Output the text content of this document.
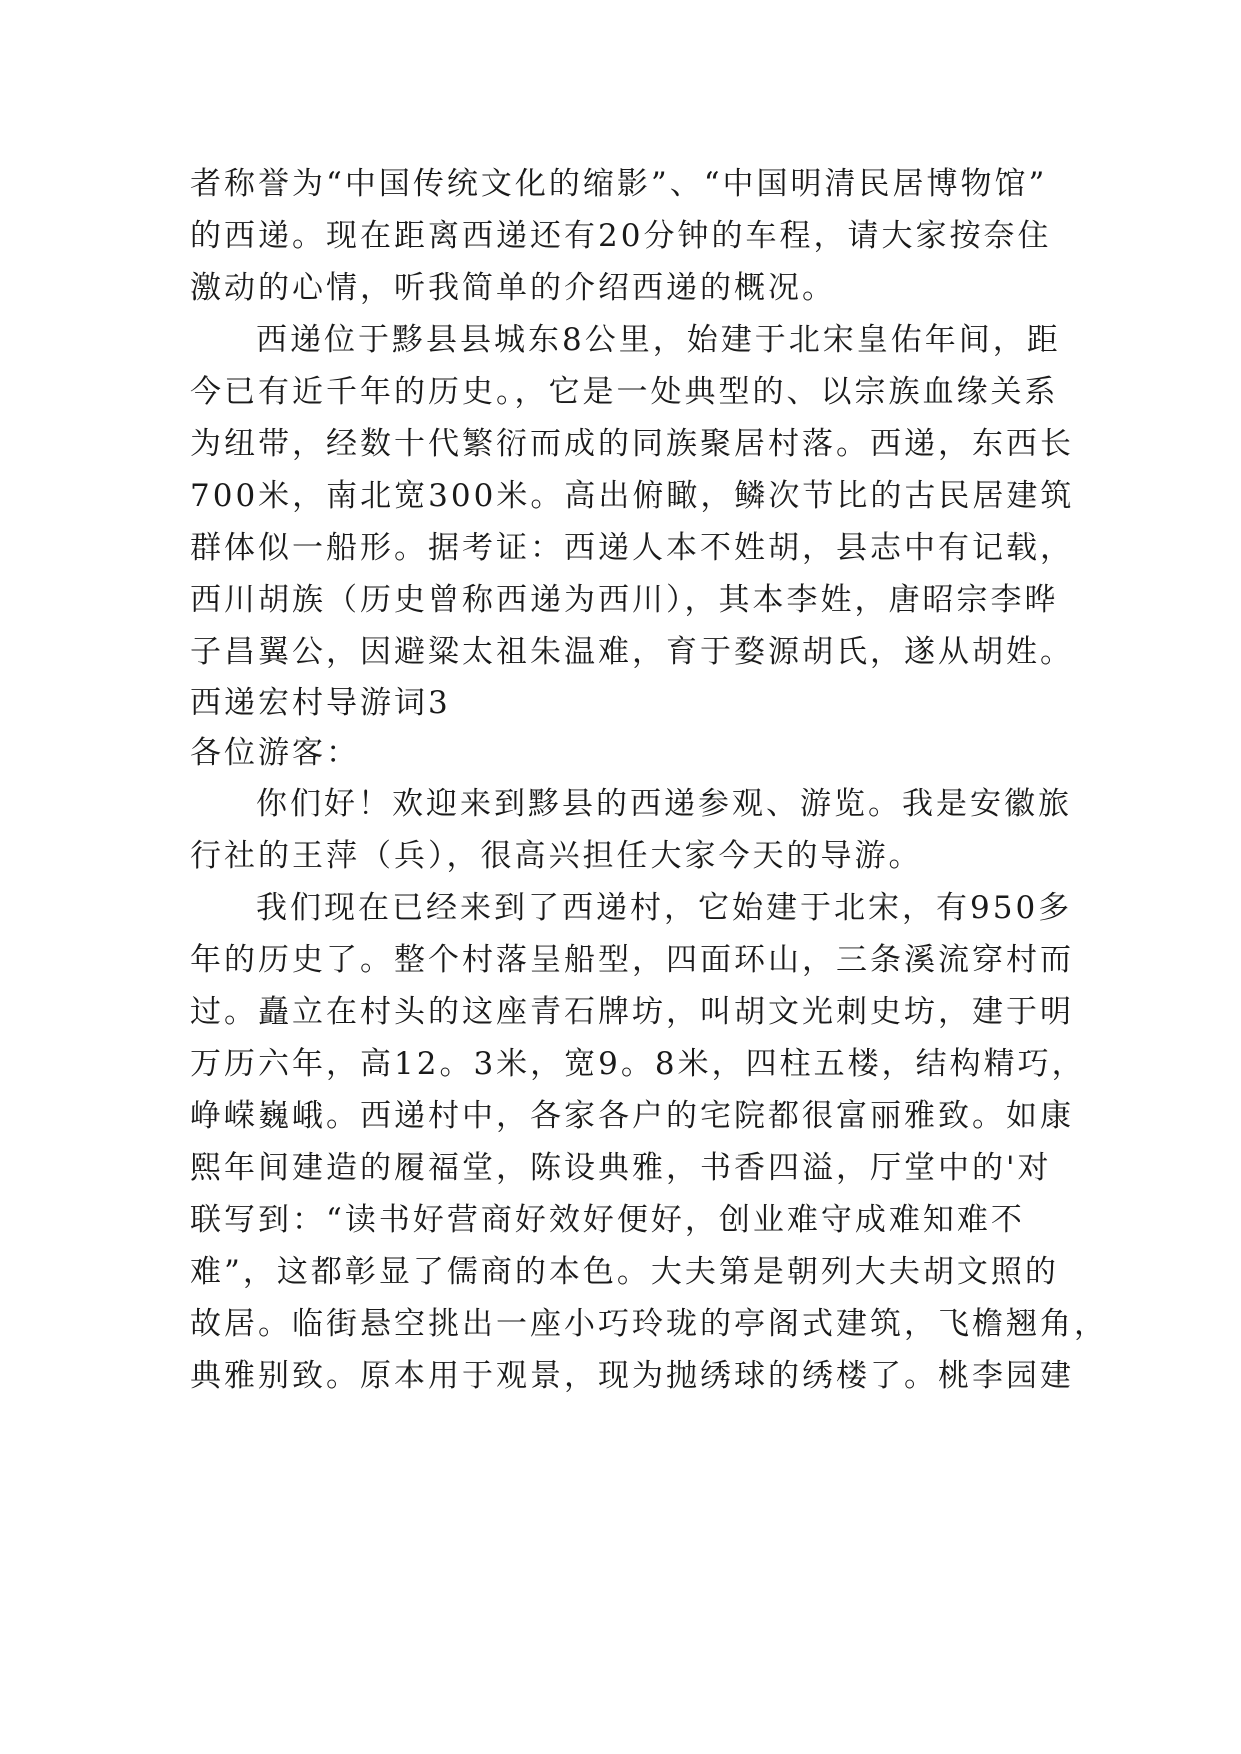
者称誉为“中国传统文化的缩影”、“中国明清民居博物馆”
的西递。现在距离西递还有20分钟的车程，请大家按奈住
激动的心情，听我简单的介绍西递的概况。
西递位于黟县县城东8公里，始建于北宋皇佑年间，距
今已有近千年的历史。，它是一处典型的、以宗族血缘关系
为纽带，经数十代繁衍而成的同族聚居村落。西递，东西长
700米，南北宽300米。高出俯瞰，鳞次节比的古民居建筑
群体似一船形。据考证：西递人本不姓胡，县志中有记载，
西川胡族（历史曾称西递为西川），其本李姓，唐昭宗李晔
子昌翼公，因避粱太祖朱温难，育于婺源胡氏，遂从胡姓。
西递宏村导游词3
各位游客：
你们好！欢迎来到黟县的西递参观、游览。我是安徽旅
行社的王萍（兵），很高兴担任大家今天的导游。
我们现在已经来到了西递村，它始建于北宋，有950多
年的历史了。整个村落呈船型，四面环山，三条溪流穿村而
过。矗立在村头的这座青石牌坊，叫胡文光刺史坊，建于明
万历六年，高12。3米，宽9。8米，四柱五楼，结构精巧，
峥嵘巍峨。西递村中，各家各户的宅院都很富丽雅致。如康
熙年间建造的履福堂，陈设典雅，书香四溢，厅堂中的'对
联写到：“读书好营商好效好便好，创业难守成难知难不
难”，这都彰显了儒商的本色。大夫第是朝列大夫胡文照的
故居。临街悬空挑出一座小巧玲珑的亭阁式建筑，飞檐翘角，
典雅别致。原本用于观景，现为抛绣球的绣楼了。桃李园建
